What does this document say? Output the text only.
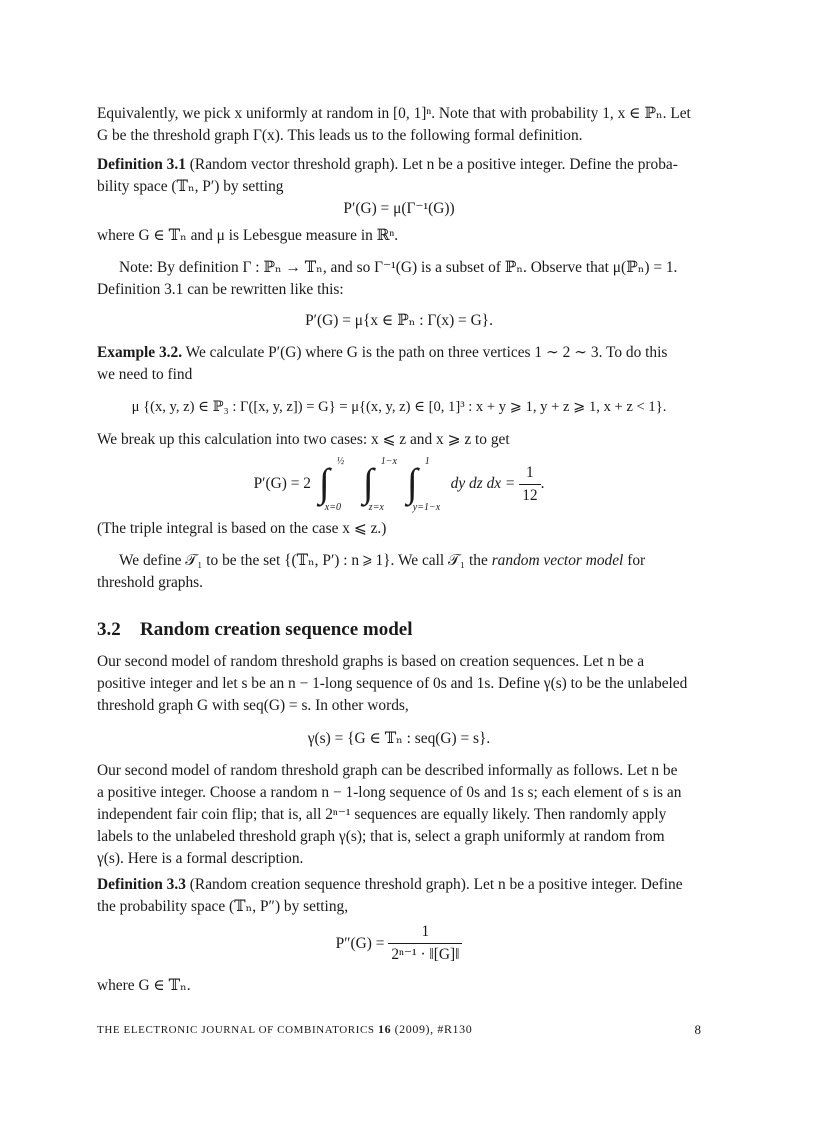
Equivalently, we pick x uniformly at random in [0, 1]ⁿ. Note that with probability 1, x ∈ ℙₙ. Let

G be the threshold graph Γ(x). This leads us to the following formal definition.

Definition 3.1 (Random vector threshold graph). Let n be a positive integer. Define the proba-

bility space (𝕋ₙ, P′) by setting

P′(G) = μ(Γ⁻¹(G))

where G ∈ 𝕋ₙ and μ is Lebesgue measure in ℝⁿ.

Note: By definition Γ : ℙₙ → 𝕋ₙ, and so Γ⁻¹(G) is a subset of ℙₙ. Observe that μ(ℙₙ) = 1.

Definition 3.1 can be rewritten like this:

P′(G) = μ{x ∈ ℙₙ : Γ(x) = G}.

Example 3.2. We calculate P′(G) where G is the path on three vertices 1 ∼ 2 ∼ 3. To do this

we need to find

μ {(x, y, z) ∈ ℙ₃ : Γ([x, y, z]) = G} = μ{(x, y, z) ∈ [0, 1]³ : x + y ⩾ 1, y + z ⩾ 1, x + z < 1}.

We break up this calculation into two cases: x ⩽ z and x ⩾ z to get

P′(G) = 2 ∫ ½
x=0
∫ 1−x
z=x
∫ 1
y=1−x
dy dz dx = $\frac{1}{12}$ .

(The triple integral is based on the case x ⩽ z.)

We define 𝒯₁ to be the set {(𝕋ₙ, P′) : n ⩾ 1}. We call 𝒯₁ the random vector model for

threshold graphs.

3.2 Random creation sequence model

Our second model of random threshold graphs is based on creation sequences. Let n be a

positive integer and let s be an n − 1-long sequence of 0s and 1s. Define γ(s) to be the unlabeled

threshold graph G with seq(G) = s. In other words,

γ(s) = {G ∈ 𝕋ₙ : seq(G) = s}.

Our second model of random threshold graph can be described informally as follows. Let n be

a positive integer. Choose a random n − 1-long sequence of 0s and 1s s; each element of s is an

independent fair coin flip; that is, all 2ⁿ⁻¹ sequences are equally likely. Then randomly apply

labels to the unlabeled threshold graph γ(s); that is, select a graph uniformly at random from

γ(s). Here is a formal description.

Definition 3.3 (Random creation sequence threshold graph). Let n be a positive integer. Define

the probability space (𝕋ₙ, P″) by setting,

$P''(G) = \frac{1}{\text{2ⁿ⁻¹ · ‖[G]‖}}$

where G ∈ 𝕋ₙ.

THE ELECTRONIC JOURNAL OF COMBINATORICS 16 (2009), #R130	8
